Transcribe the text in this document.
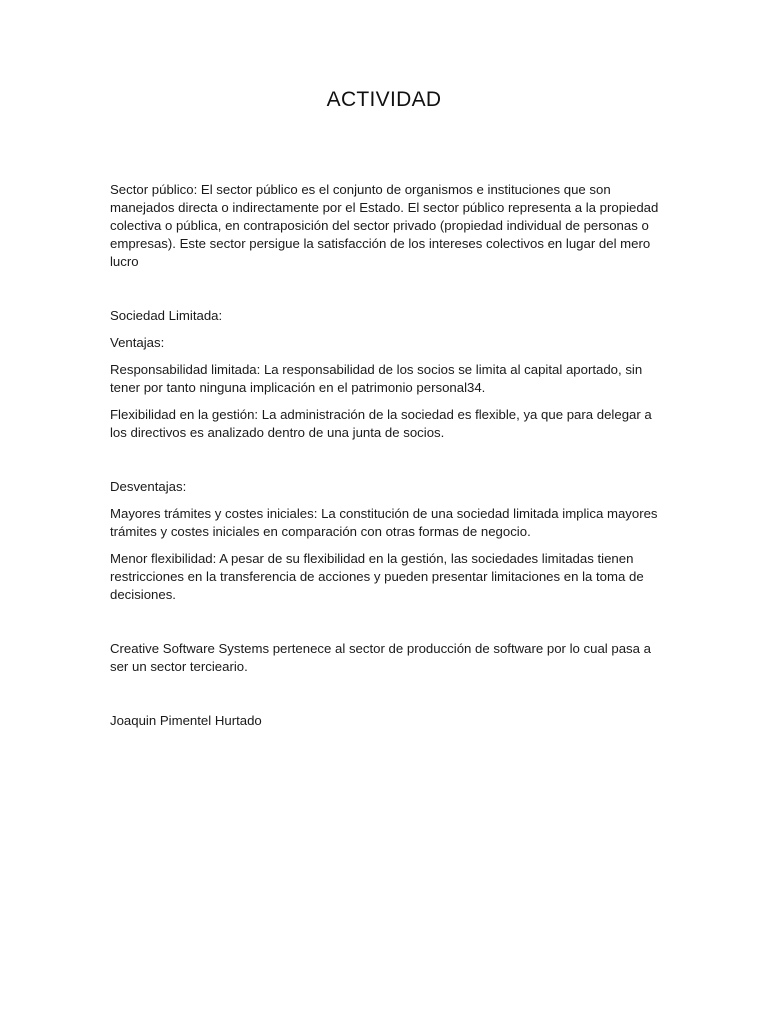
ACTIVIDAD

Sector público: El sector público es el conjunto de organismos e instituciones que son manejados directa o indirectamente por el Estado. El sector público representa a la propiedad colectiva o pública, en contraposición del sector privado (propiedad individual de personas o empresas). Este sector persigue la satisfacción de los intereses colectivos en lugar del mero lucro

Sociedad Limitada:

Ventajas:

Responsabilidad limitada: La responsabilidad de los socios se limita al capital aportado, sin tener por tanto ninguna implicación en el patrimonio personal34.

Flexibilidad en la gestión: La administración de la sociedad es flexible, ya que para delegar a los directivos es analizado dentro de una junta de socios.

Desventajas:

Mayores trámites y costes iniciales: La constitución de una sociedad limitada implica mayores trámites y costes iniciales en comparación con otras formas de negocio.

Menor flexibilidad: A pesar de su flexibilidad en la gestión, las sociedades limitadas tienen restricciones en la transferencia de acciones y pueden presentar limitaciones en la toma de decisiones.

Creative Software Systems pertenece al sector de producción de software por lo cual pasa a ser un sector tercieario.

Joaquin Pimentel Hurtado
